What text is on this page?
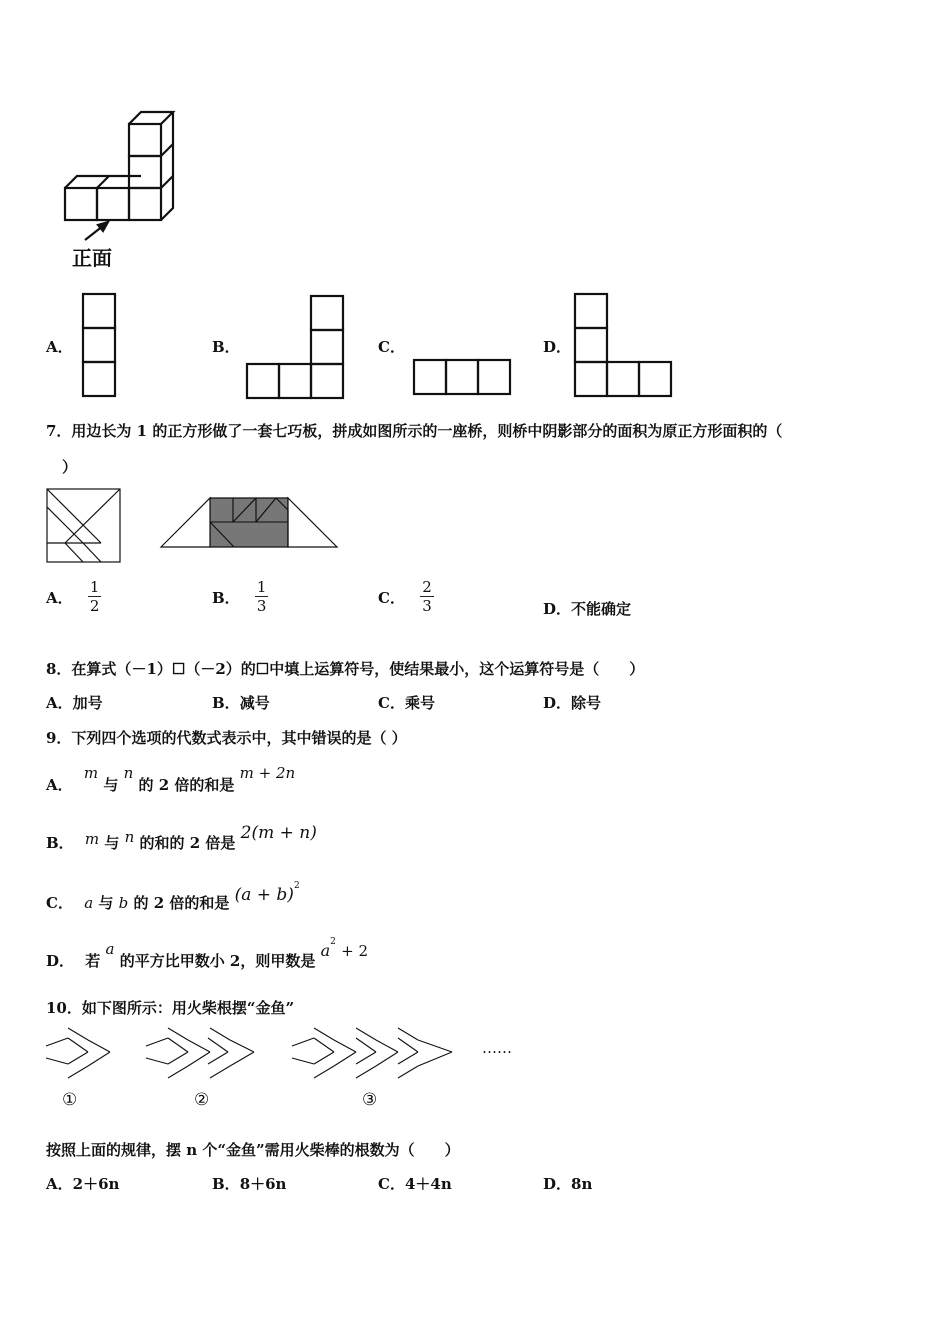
正面
A．	B．	C．	D．
7．用边长为 1 的正方形做了一套七巧板，拼成如图所示的一座桥，则桥中阴影部分的面积为原正方形面积的（
）
A． $\frac{1}{2}$	B． $\frac{1}{3}$	C． $\frac{2}{3}$	D．不能确定
8．在算式（－1）☐（－2）的☐中填上运算符号，使结果最小，这个运算符号是（　　）
A．加号	B．减号	C．乘号	D．除号
9．下列四个选项的代数式表示中，其中错误的是（ ）
A． m 与 n 的 2 倍的和是 m + 2n
B． m 与 n 的和的 2 倍是 2(m + n)
C． a 与 b 的 2 倍的和是 $(a + b)^2$
D． 若 a 的平方比甲数小 2，则甲数是 $a^2 + 2$
10．如下图所示：用火柴根摆“金鱼”
……
①	②	③
按照上面的规律，摆 n 个“金鱼”需用火柴棒的根数为（　　）
A．2＋6n	B．8＋6n	C．4＋4n	D．8n
